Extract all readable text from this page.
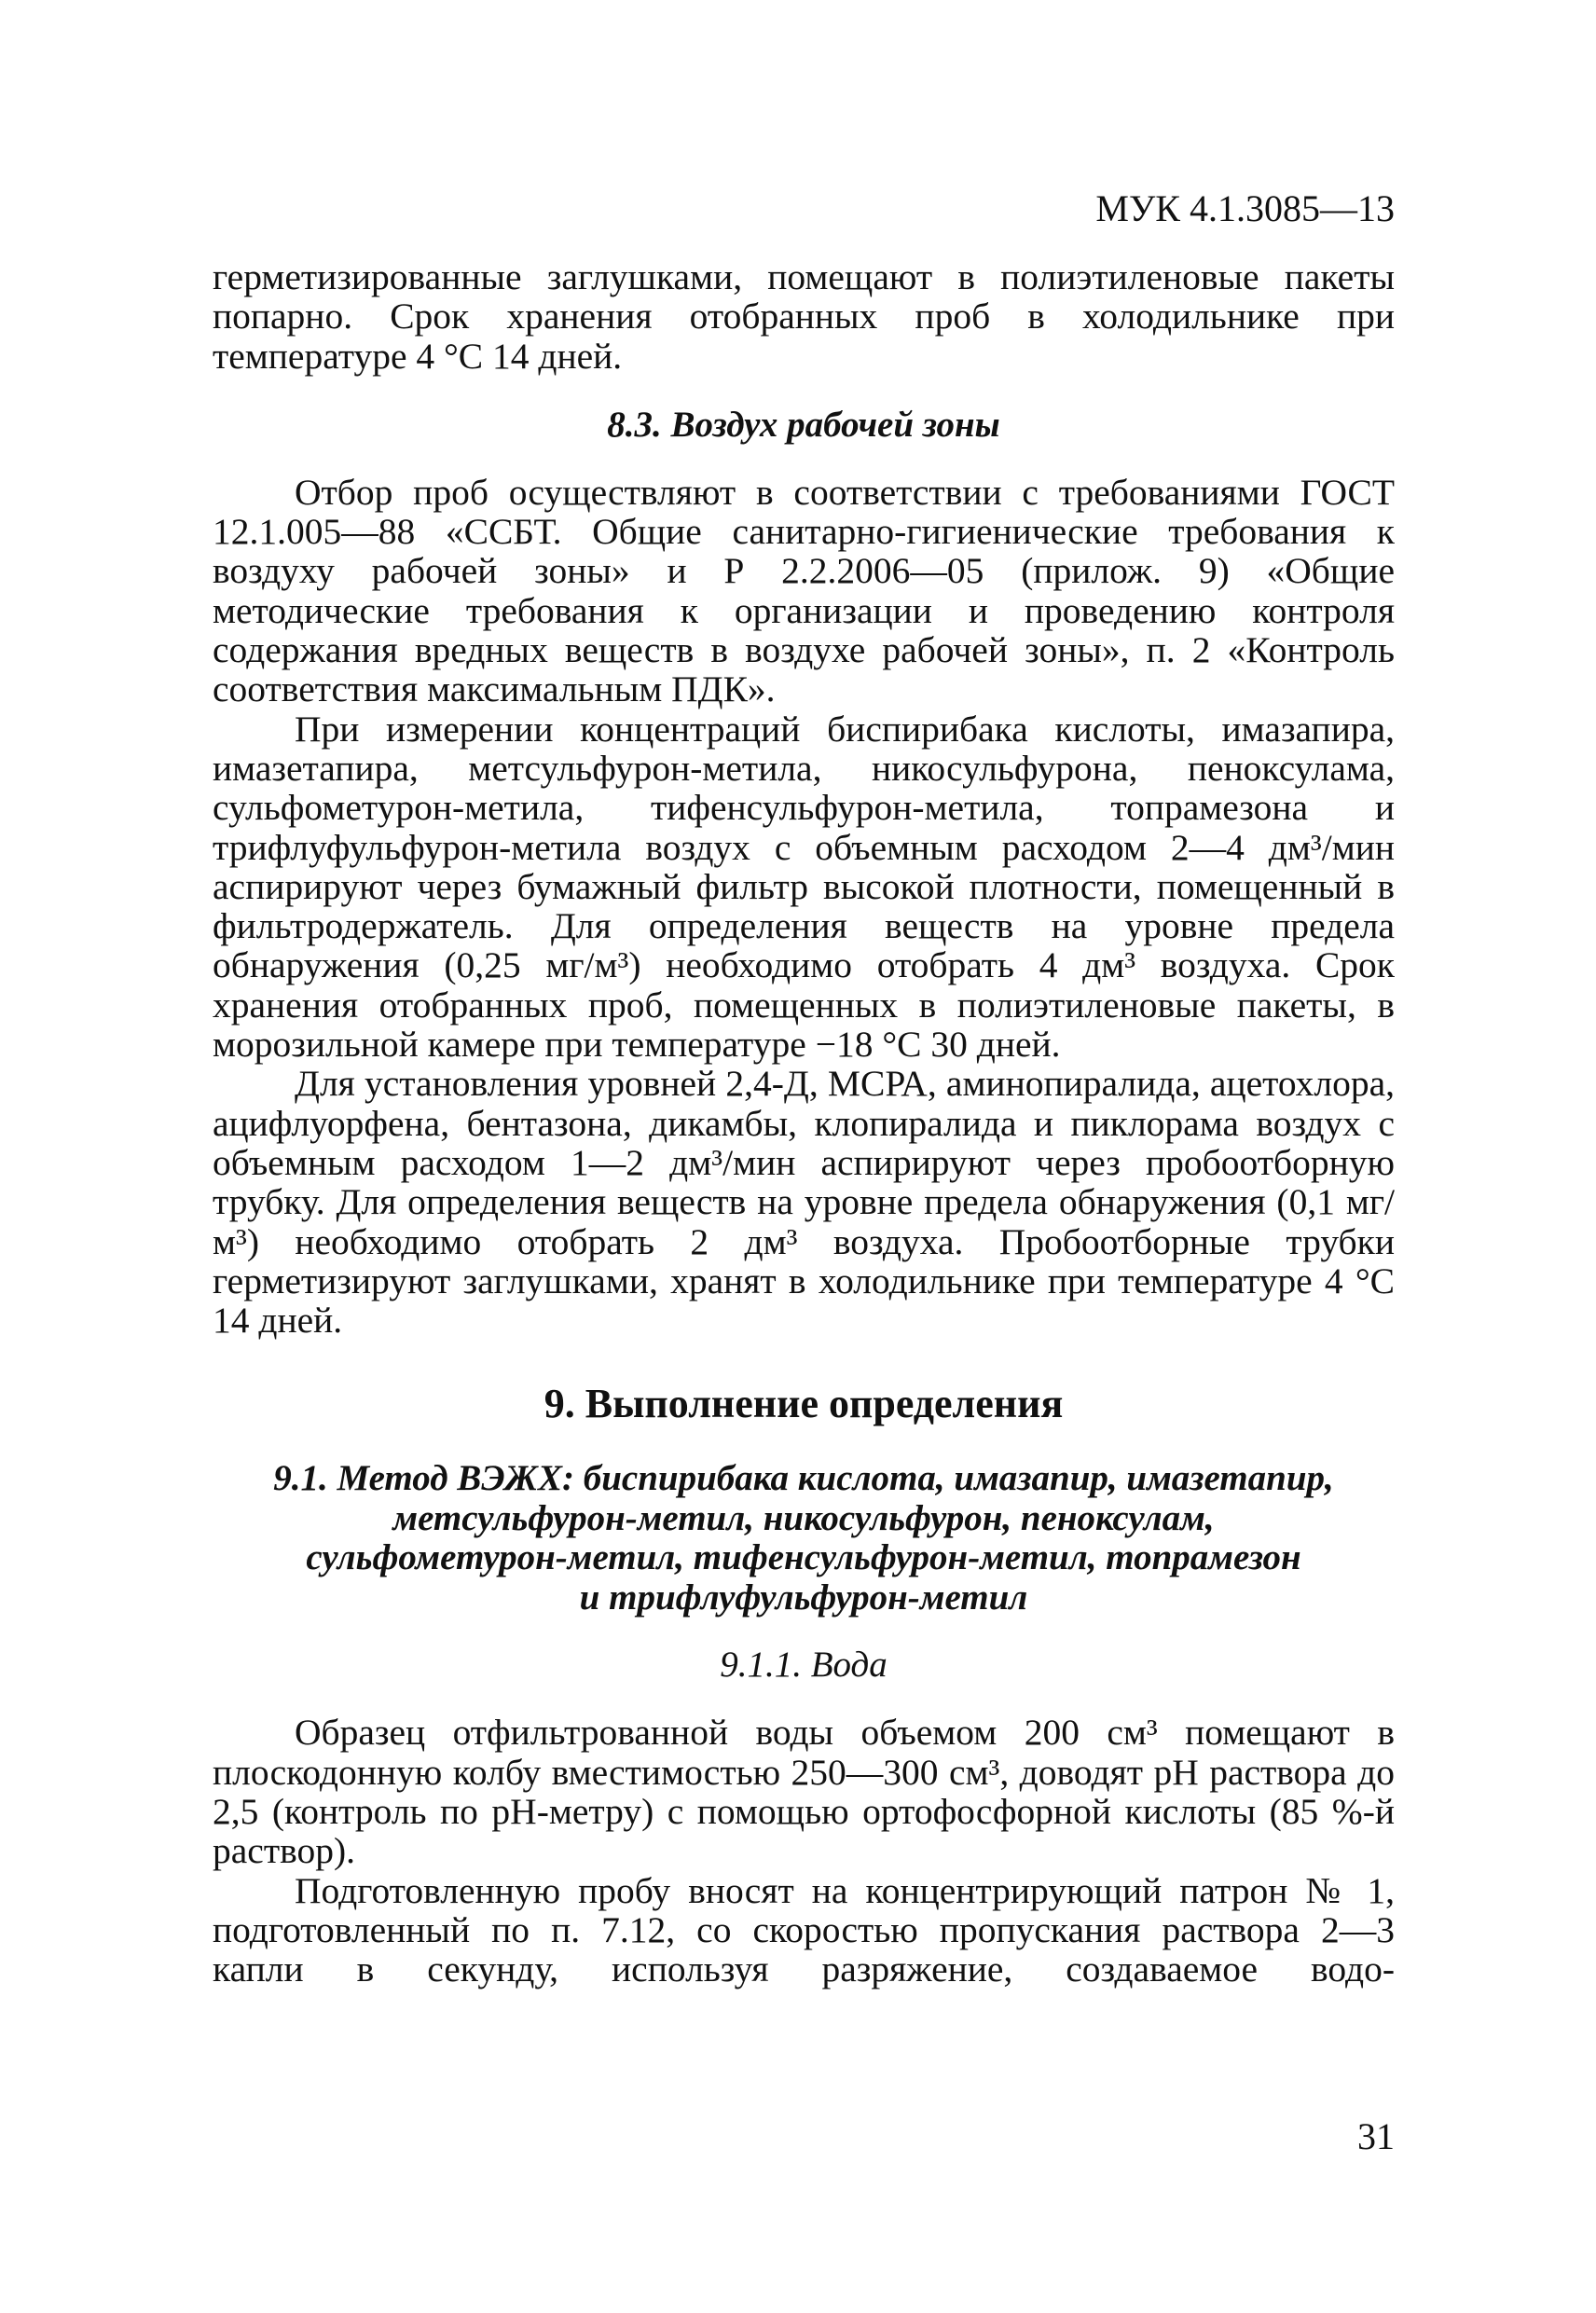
МУК 4.1.3085—13

герметизированные заглушками, помещают в полиэтиленовые пакеты попарно. Срок хранения отобранных проб в холодильнике при температуре 4 °С 14 дней.

8.3. Воздух рабочей зоны

Отбор проб осуществляют в соответствии с требованиями ГОСТ 12.1.005—88 «ССБТ. Общие санитарно-гигиенические требования к воздуху рабочей зоны» и Р 2.2.2006—05 (прилож. 9) «Общие методические требования к организации и проведению контроля содержания вредных веществ в воздухе рабочей зоны», п. 2 «Контроль соответствия максимальным ПДК».

При измерении концентраций биспирибака кислоты, имазапира, имазетапира, метсульфурон-метила, никосульфурона, пеноксулама, сульфометурон-метила, тифенсульфурон-метила, топрамезона и трифлуфульфурон-метила воздух с объемным расходом 2—4 дм³/мин аспирируют через бумажный фильтр высокой плотности, помещенный в фильтродержатель. Для определения веществ на уровне предела обнаружения (0,25 мг/м³) необходимо отобрать 4 дм³ воздуха. Срок хранения отобранных проб, помещенных в полиэтиленовые пакеты, в морозильной камере при температуре −18 °С 30 дней.

Для установления уровней 2,4-Д, МСРА, аминопиралида, ацетохлора, ацифлуорфена, бентазона, дикамбы, клопиралида и пиклорама воздух с объемным расходом 1—2 дм³/мин аспирируют через пробоотборную трубку. Для определения веществ на уровне предела обнаружения (0,1 мг/м³) необходимо отобрать 2 дм³ воздуха. Пробоотборные трубки герметизируют заглушками, хранят в холодильнике при температуре 4 °С 14 дней.

9. Выполнение определения

9.1. Метод ВЭЖХ: биспирибака кислота, имазапир, имазетапир,

метсульфурон-метил, никосульфурон, пеноксулам,

сульфометурон-метил, тифенсульфурон-метил, топрамезон

и трифлуфульфурон-метил

9.1.1. Вода

Образец отфильтрованной воды объемом 200 см³ помещают в плоскодонную колбу вместимостью 250—300 см³, доводят рН раствора до 2,5 (контроль по рН-метру) с помощью ортофосфорной кислоты (85 %-й раствор).

Подготовленную пробу вносят на концентрирующий патрон № 1, подготовленный по п. 7.12, со скоростью пропускания раствора 2—3 капли в секунду, используя разряжение, создаваемое водо-

31
